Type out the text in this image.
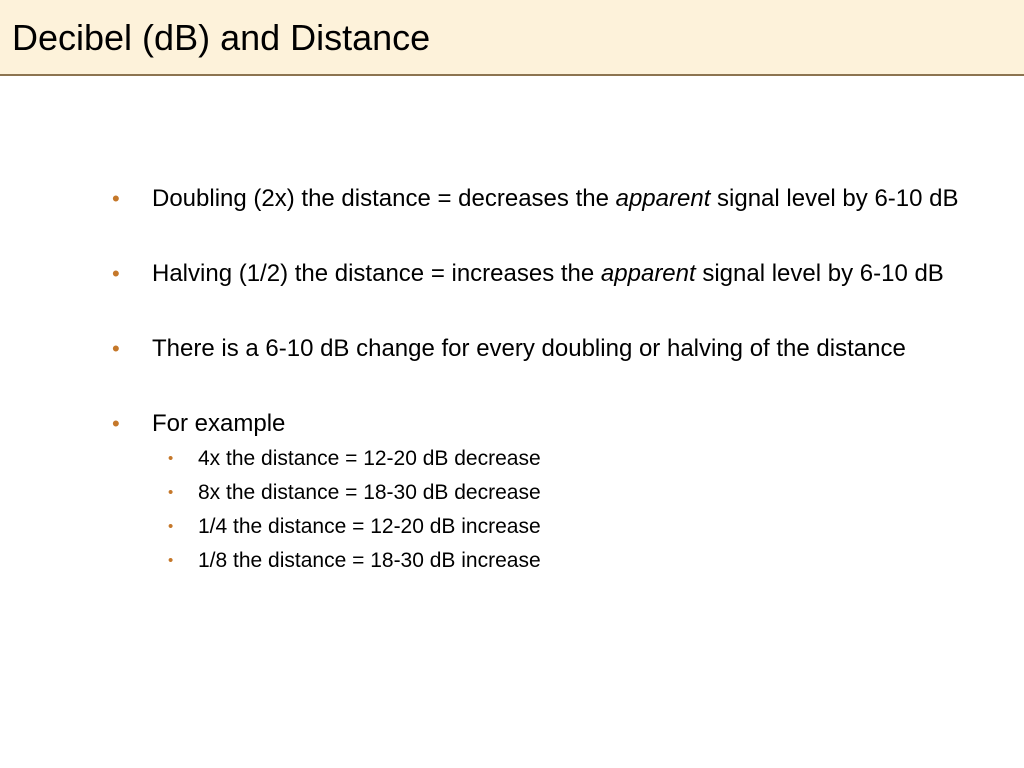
Decibel (dB) and Distance
• Doubling (2x) the distance = decreases the apparent signal level by 6-10 dB
• Halving (1/2) the distance = increases the apparent signal level by 6-10 dB
• There is a 6-10 dB change for every doubling or halving of the distance
• For example
• 4x the distance = 12-20 dB decrease
• 8x the distance = 18-30 dB decrease
• 1/4 the distance = 12-20 dB increase
• 1/8 the distance = 18-30 dB increase
